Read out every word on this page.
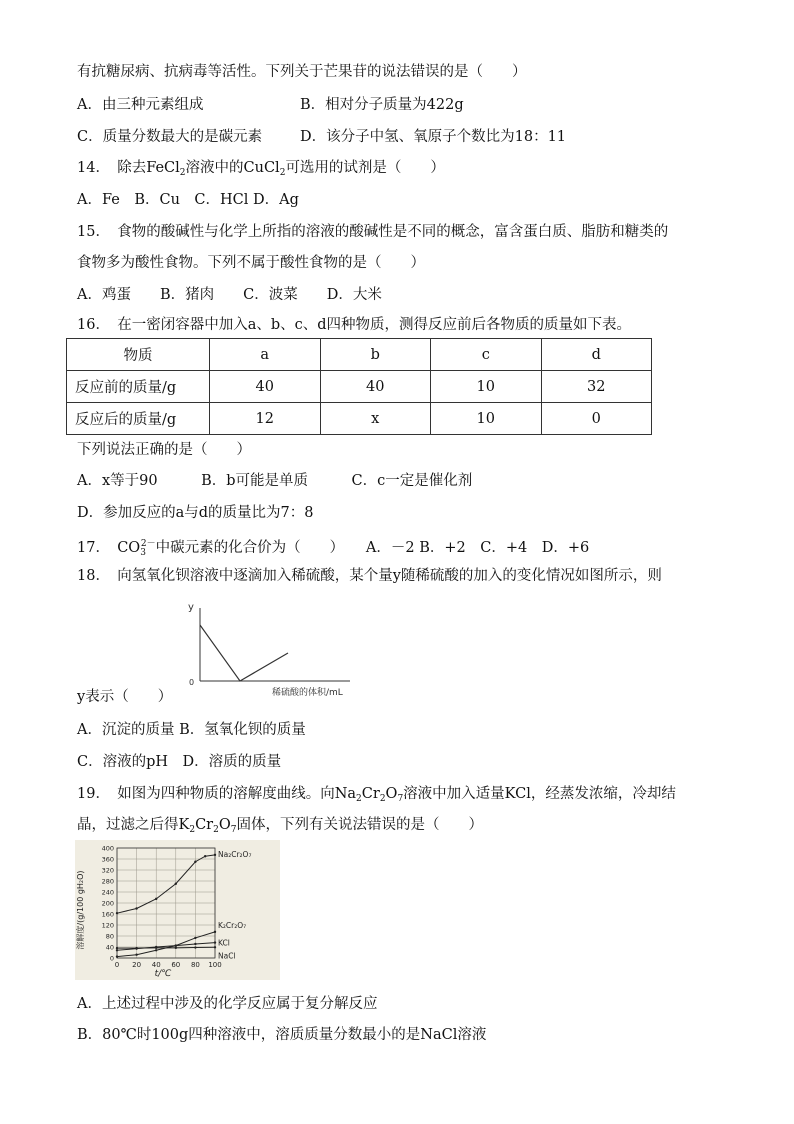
有抗糖尿病、抗病毒等活性。下列关于芒果苷的说法错误的是（　　）
A．由三种元素组成	B．相对分子质量为422g
C．质量分数最大的是碳元素	D．该分子中氢、氧原子个数比为18：11
14．　 除去FeCl$_2$溶液中的CuCl$_2$可选用的试剂是（　　）
A．Fe　B．Cu　C．HCl D．Ag
15．　食物的酸碱性与化学上所指的溶液的酸碱性是不同的概念，富含蛋白质、脂肪和糖类的
食物多为酸性食物。下列不属于酸性食物的是（　　）
A．鸡蛋　　B．猪肉　　C．波菜　　D．大米
16．　在一密闭容器中加入a、b、c、d四种物质，测得反应前后各物质的质量如下表。
物质	a	b	c	d
反应前的质量/g	40	40	10	32
反应后的质量/g	12	x	10	0
下列说法正确的是（　　）
A．x等于90　　　B．b可能是单质　　　C．c一定是催化剂
D．参加反应的a与d的质量比为7：8
17．　$CO_3^{2-}$中碳元素的化合价为（　　）　　A．－2 B．+2　C．+4　D．+6
18．　向氢氧化钡溶液中逐滴加入稀硫酸，某个量y随稀硫酸的加入的变化情况如图所示，则
y
0
稀硫酸的体积/mL
y表示（　　）
A．沉淀的质量 B．氢氧化钡的质量
C．溶液的pH　D．溶质的质量
19．　如图为四种物质的溶解度曲线。向$Na_2Cr_2O_7$溶液中加入适量KCl，经蒸发浓缩，冷却结
晶，过滤之后得$K_2Cr_2O_7$固体，下列有关说法错误的是（　　）
溶解度/(g/100 gH₂O)
t/℃
400
360
320
280
240
200
160
120
80
40
0
0 20 40 60 80 100
Na₂Cr₂O₇
K₂Cr₂O₇
KCl
NaCl
A．上述过程中涉及的化学反应属于复分解反应
B．80℃时100g四种溶液中，溶质质量分数最小的是NaCl溶液
